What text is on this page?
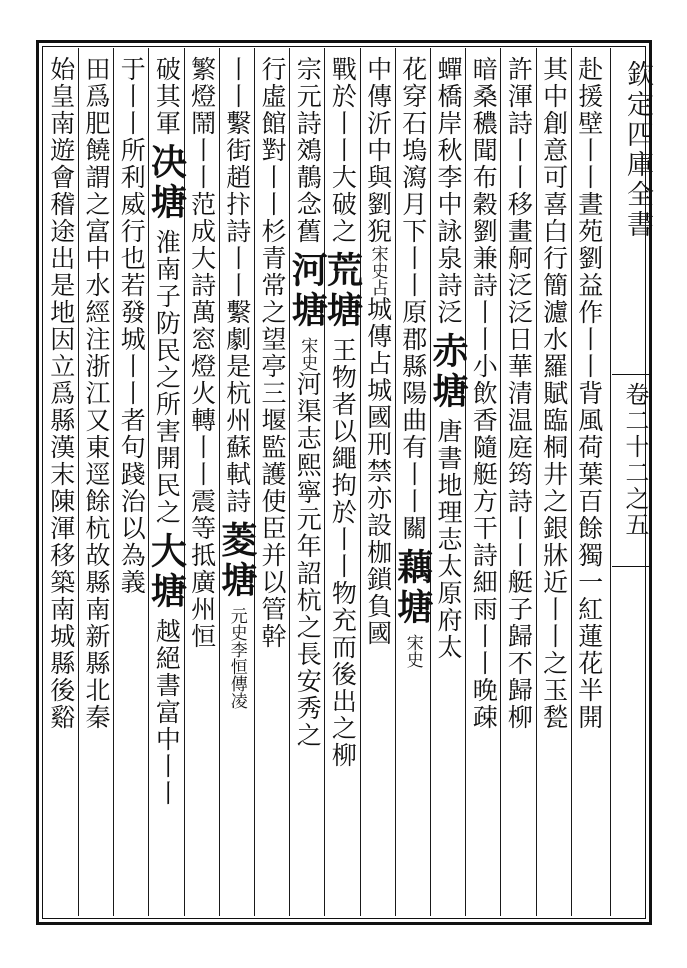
欽定四庫全書
卷二十二之五
赴援壁丨丨晝苑劉益作丨丨背風荷葉百餘獨一紅蓮花半開
其中創意可喜白行簡濾水羅賦臨桐井之銀牀近丨丨之玉甃
許渾詩丨丨移畫舸泛泛日華清温庭筠詩丨丨艇子歸不歸柳
暗桑穠聞布穀劉兼詩丨丨小飲香隨艇方干詩細雨丨丨晚疎
蟬橋岸秋李中詠泉詩泛赤塘唐書地理志太原府太
花穿石塢瀉月下丨丨原郡縣陽曲有丨丨關藕塘宋史
中傳沂中與劉猊宋史占城傳占城國刑禁亦設枷鎖負國
戰於丨丨大破之荒塘王物者以繩拘於丨丨物充而後出之柳
宗元詩鵁鶄念舊河塘宋史河渠志熙寧元年詔杭之長安秀之
行虛館對丨丨杉青常之望亭三堰監護使臣并以管幹
丨丨繫街趙抃詩丨丨繫劇是杭州蘇軾詩菱塘元史李恒傳凌
繁燈鬧丨丨范成大詩萬窓燈火轉丨丨震等抵廣州恒
破其軍决塘淮南子防民之所害開民之大塘越絕書富中丨丨
于丨丨所利威行也若發城丨丨者句踐治以為義
田爲肥饒謂之富中水經注浙江又東逕餘杭故縣南新縣北秦
始皇南遊會稽途出是地因立爲縣漢末陳渾移築南城縣後谿
